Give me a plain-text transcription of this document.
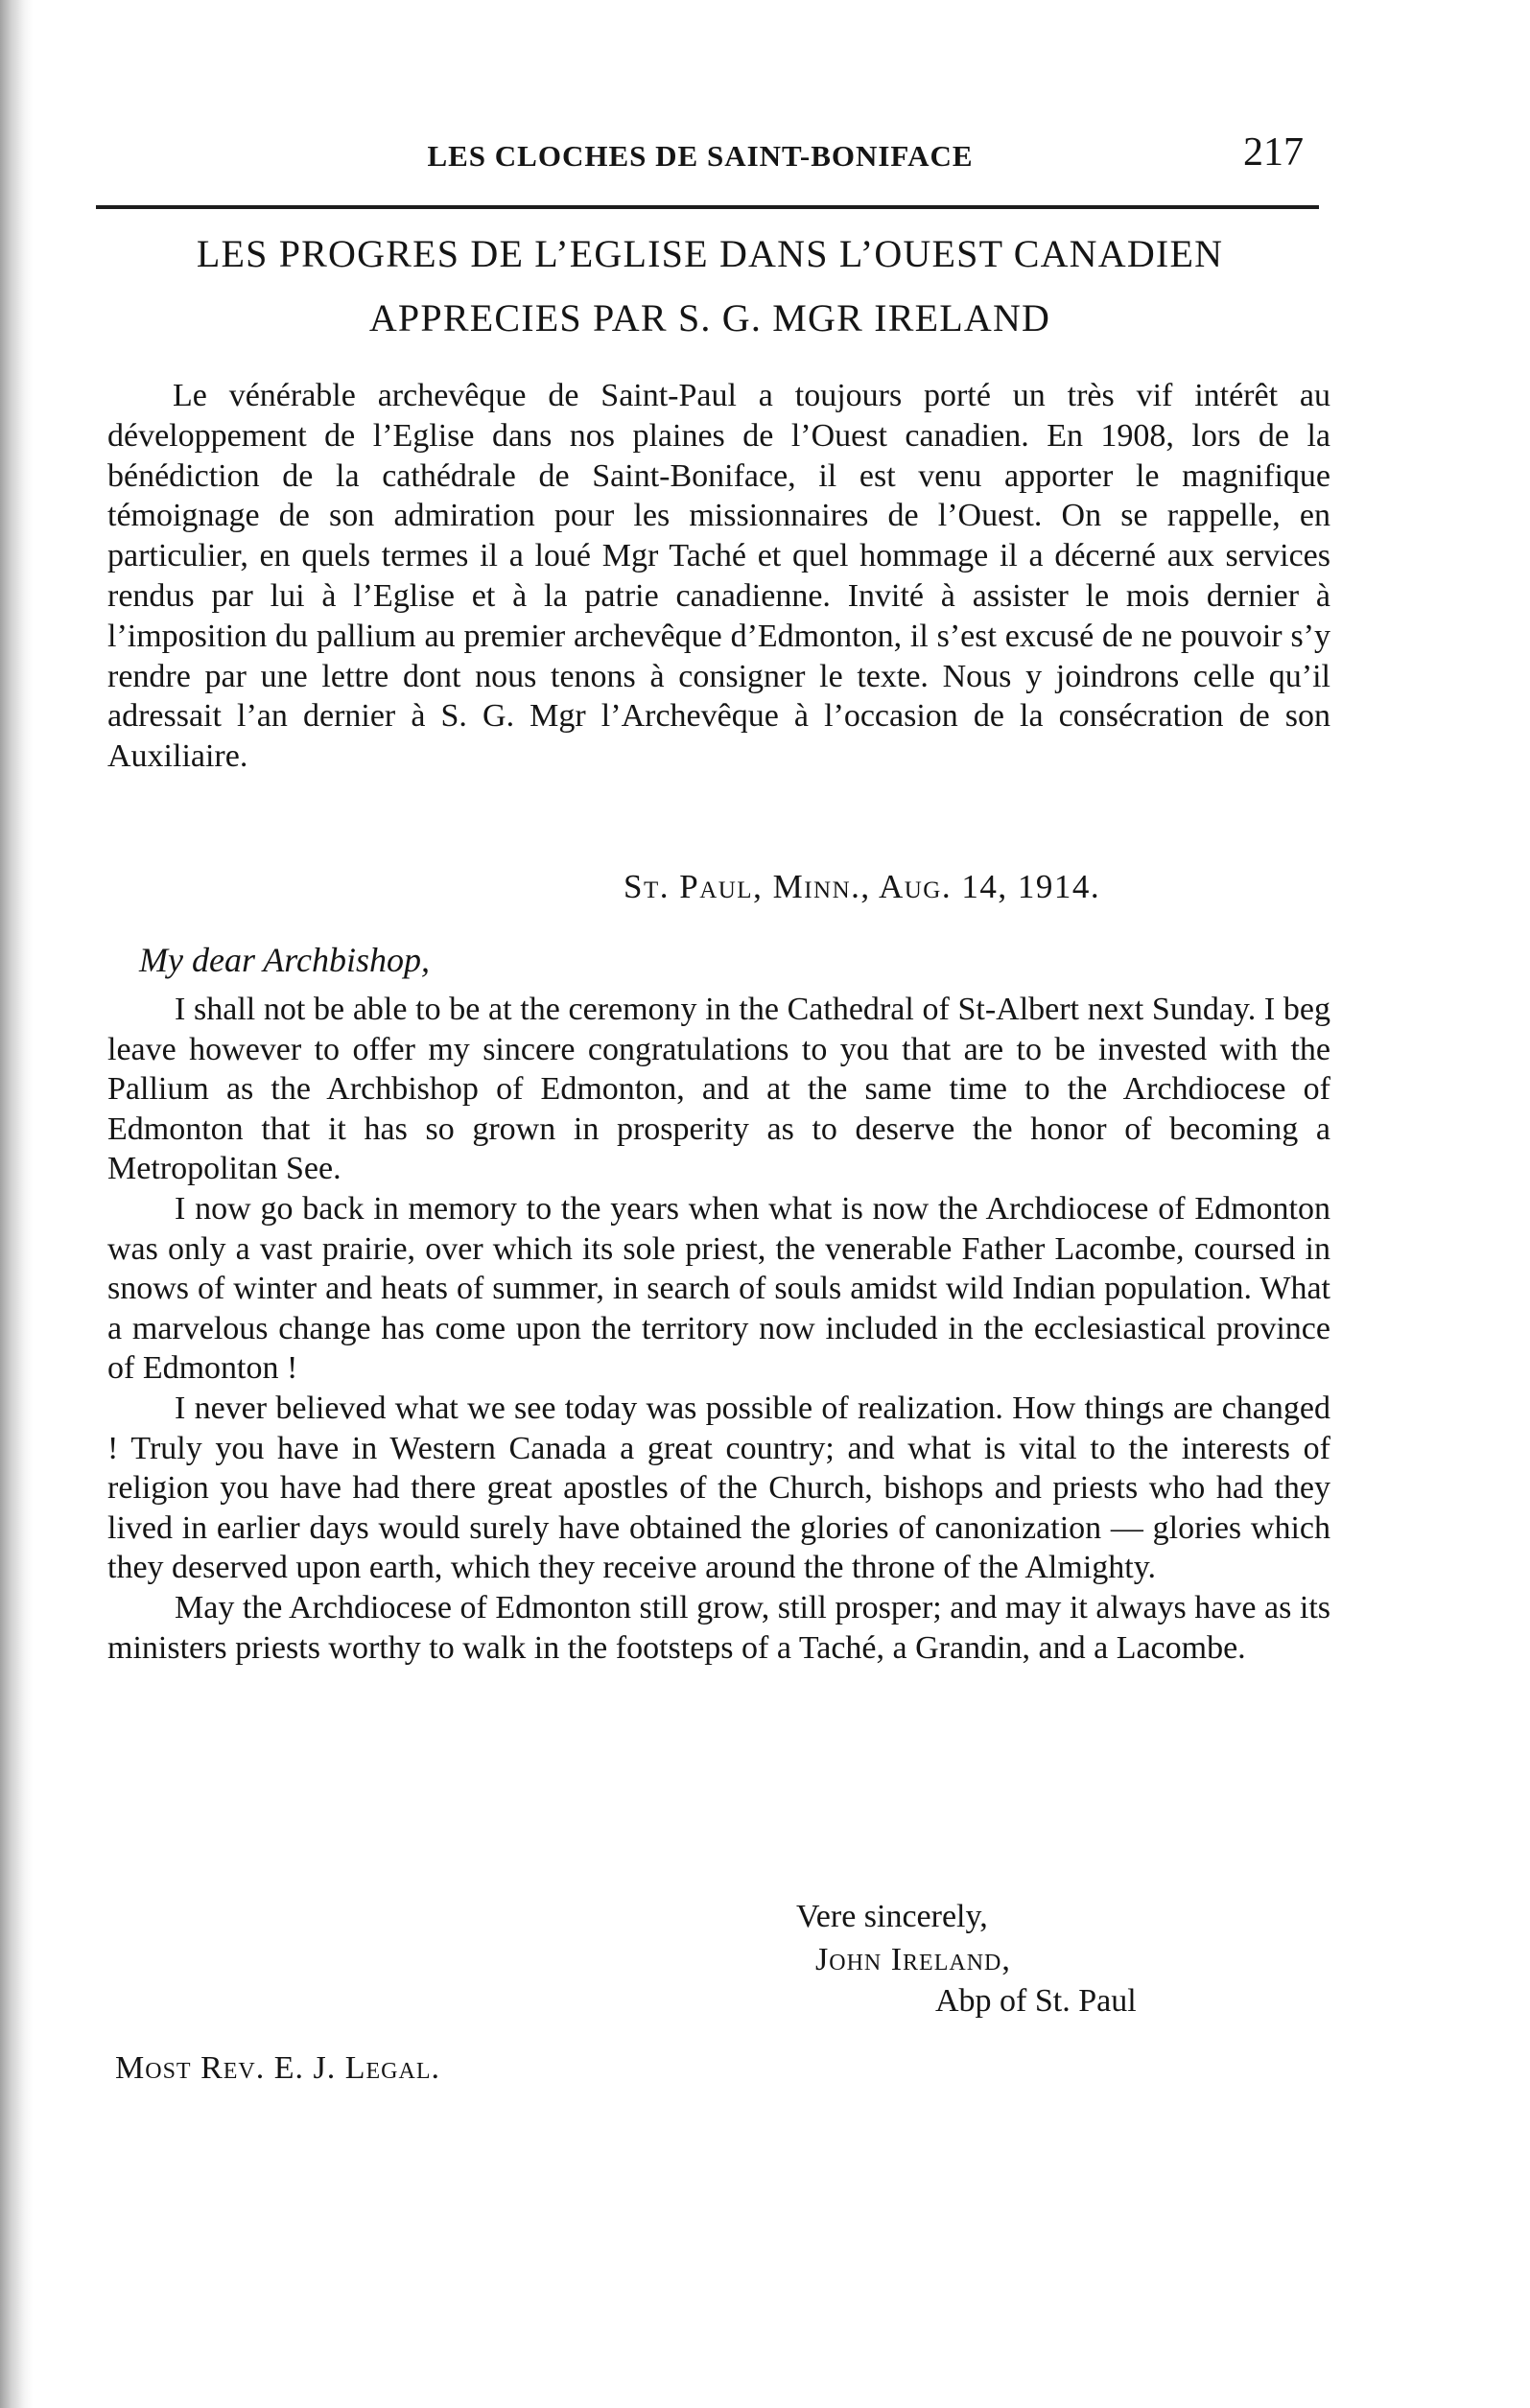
LES CLOCHES DE SAINT-BONIFACE	217
LES PROGRES DE L’EGLISE DANS L’OUEST CANADIEN
APPRECIES PAR S. G. MGR IRELAND
Le vénérable archevêque de Saint-Paul a toujours porté un très vif intérêt au développement de l’Eglise dans nos plaines de l’Ouest canadien. En 1908, lors de la bénédiction de la cathédrale de Saint-Boniface, il est venu apporter le magnifique témoignage de son admiration pour les missionnaires de l’Ouest. On se rappelle, en particulier, en quels termes il a loué Mgr Taché et quel hommage il a décerné aux services rendus par lui à l’Eglise et à la patrie canadienne. Invité à assister le mois dernier à l’imposition du pallium au premier archevêque d’Edmonton, il s’est excusé de ne pouvoir s’y rendre par une lettre dont nous tenons à consigner le texte. Nous y joindrons celle qu’il adressait l’an dernier à S. G. Mgr l’Archevêque à l’occasion de la consécration de son Auxiliaire.
St. Paul, Minn., Aug. 14, 1914.
My dear Archbishop,

I shall not be able to be at the ceremony in the Cathedral of St-Albert next Sunday. I beg leave however to offer my sincere congratulations to you that are to be invested with the Pallium as the Archbishop of Edmonton, and at the same time to the Archdiocese of Edmonton that it has so grown in prosperity as to deserve the honor of becoming a Metropolitan See.

I now go back in memory to the years when what is now the Archdiocese of Edmonton was only a vast prairie, over which its sole priest, the venerable Father Lacombe, coursed in snows of winter and heats of summer, in search of souls amidst wild Indian population. What a marvelous change has come upon the territory now included in the ecclesiastical province of Edmonton !

I never believed what we see today was possible of realization. How things are changed ! Truly you have in Western Canada a great country; and what is vital to the interests of religion you have had there great apostles of the Church, bishops and priests who had they lived in earlier days would surely have obtained the glories of canonization — glories which they deserved upon earth, which they receive around the throne of the Almighty.

May the Archdiocese of Edmonton still grow, still prosper; and may it always have as its ministers priests worthy to walk in the footsteps of a Taché, a Grandin, and a Lacombe.

Vere sincerely,
John Ireland,
Abp of St. Paul
Most Rev. E. J. Legal.
